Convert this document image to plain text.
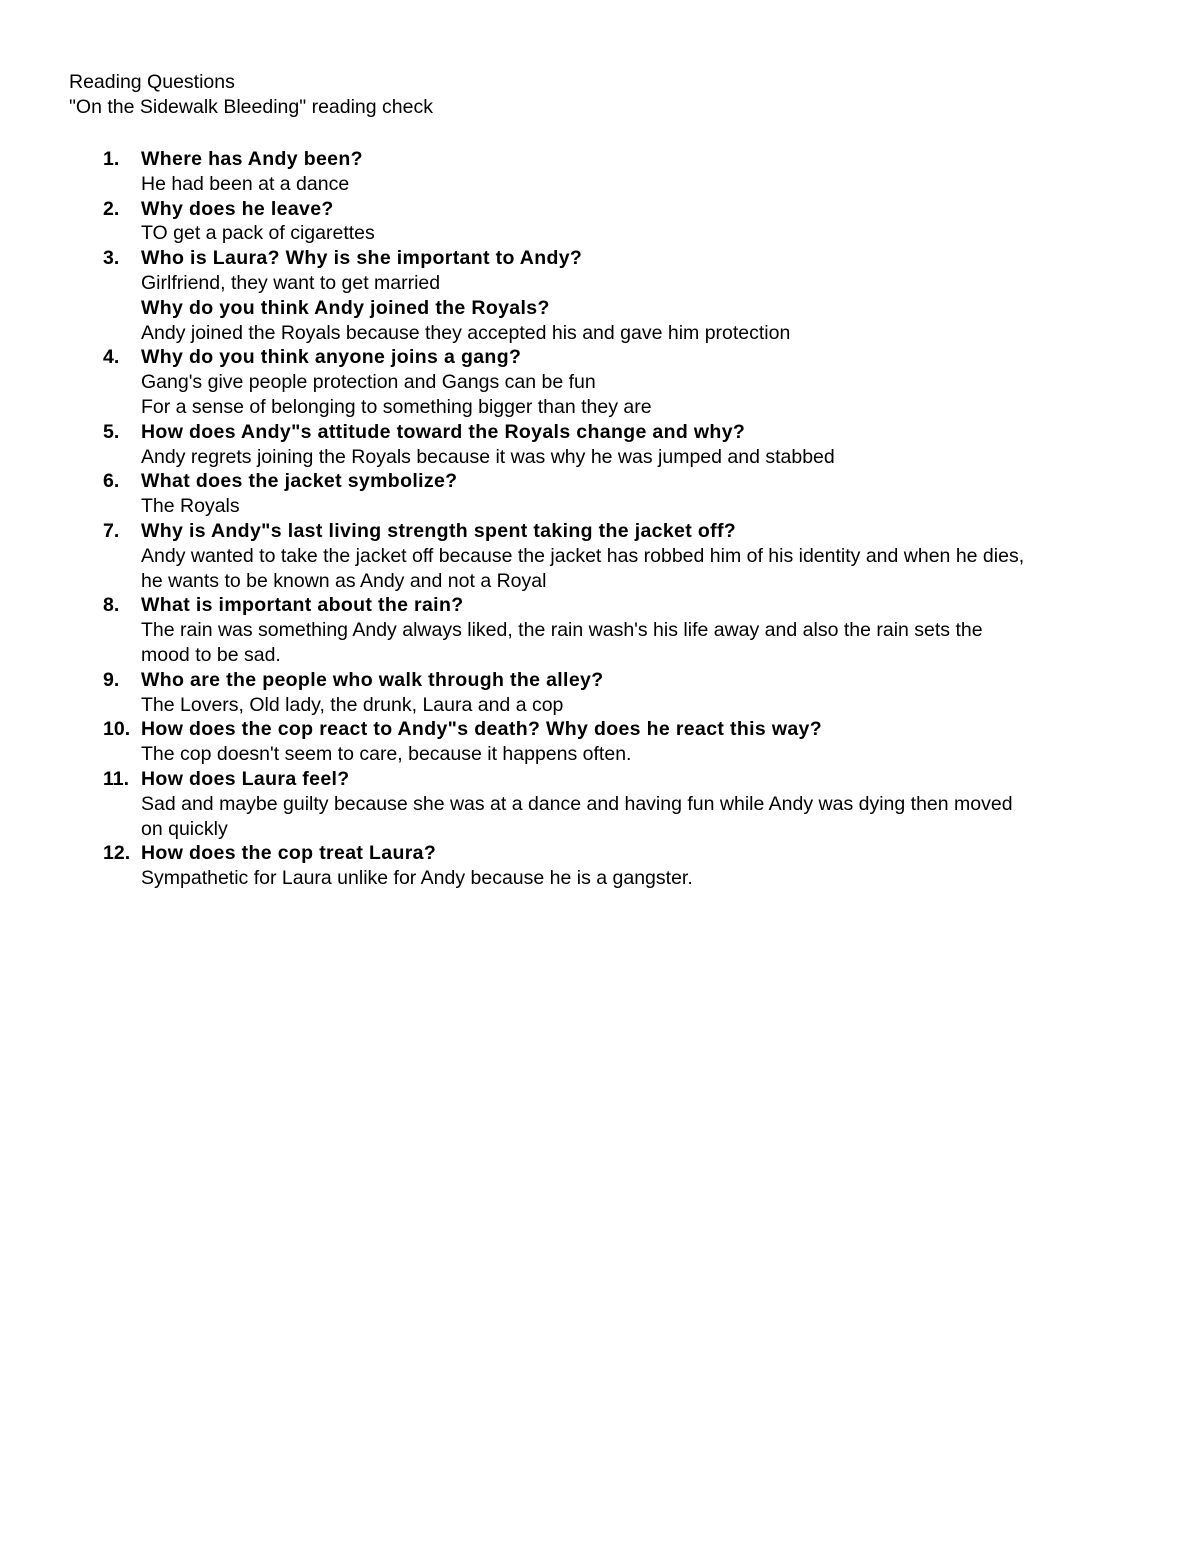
Reading Questions
"On the Sidewalk Bleeding" reading check
1. Where has Andy been?
He had been at a dance
2. Why does he leave?
TO get a pack of cigarettes
3. Who is Laura? Why is she important to Andy?
Girlfriend, they want to get married
Why do you think Andy joined the Royals?
Andy joined the Royals because they accepted his and gave him protection
4. Why do you think anyone joins a gang?
Gang's give people protection and Gangs can be fun
For a sense of belonging to something bigger than they are
5. How does Andy"s attitude toward the Royals change and why?
Andy regrets joining the Royals because it was why he was jumped and stabbed
6. What does the jacket symbolize?
The Royals
7. Why is Andy"s last living strength spent taking the jacket off?
Andy wanted to take the jacket off because the jacket has robbed him of his identity and when he dies,
he wants to be known as Andy and not a Royal
8. What is important about the rain?
The rain was something Andy always liked, the rain wash's his life away and also the rain sets the
mood to be sad.
9. Who are the people who walk through the alley?
The Lovers, Old lady, the drunk, Laura and a cop
10. How does the cop react to Andy"s death? Why does he react this way?
The cop doesn't seem to care, because it happens often.
11. How does Laura feel?
Sad and maybe guilty because she was at a dance and having fun while Andy was dying then moved
on quickly
12. How does the cop treat Laura?
Sympathetic for Laura unlike for Andy because he is a gangster.
